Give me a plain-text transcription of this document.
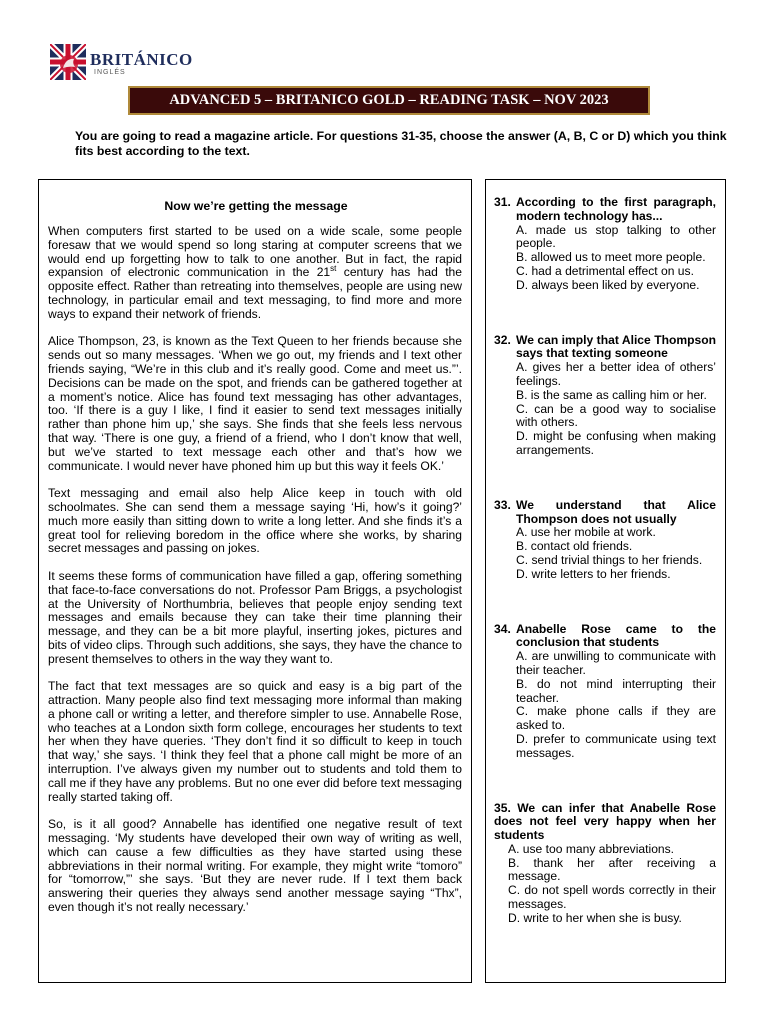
BRITÁNICO
INGLÉS
ADVANCED 5 – BRITANICO GOLD – READING TASK – NOV 2023
You are going to read a magazine article. For questions 31-35, choose the answer (A, B, C or D) which you think fits best according to the text.
Now we’re getting the message

When computers first started to be used on a wide scale, some people foresaw that we would spend so long staring at computer screens that we would end up forgetting how to talk to one another. But in fact, the rapid expansion of electronic communication in the 21st century has had the opposite effect. Rather than retreating into themselves, people are using new technology, in particular email and text messaging, to find more and more ways to expand their network of friends.

Alice Thompson, 23, is known as the Text Queen to her friends because she sends out so many messages. ‘When we go out, my friends and I text other friends saying, “We’re in this club and it’s really good. Come and meet us.”’. Decisions can be made on the spot, and friends can be gathered together at a moment’s notice. Alice has found text messaging has other advantages, too. ‘If there is a guy I like, I find it easier to send text messages initially rather than phone him up,’ she says. She finds that she feels less nervous that way. ‘There is one guy, a friend of a friend, who I don’t know that well, but we’ve started to text message each other and that’s how we communicate. I would never have phoned him up but this way it feels OK.’

Text messaging and email also help Alice keep in touch with old schoolmates. She can send them a message saying ‘Hi, how’s it going?’ much more easily than sitting down to write a long letter. And she finds it’s a great tool for relieving boredom in the office where she works, by sharing secret messages and passing on jokes.

It seems these forms of communication have filled a gap, offering something that face-to-face conversations do not. Professor Pam Briggs, a psychologist at the University of Northumbria, believes that people enjoy sending text messages and emails because they can take their time planning their message, and they can be a bit more playful, inserting jokes, pictures and bits of video clips. Through such additions, she says, they have the chance to present themselves to others in the way they want to.

The fact that text messages are so quick and easy is a big part of the attraction. Many people also find text messaging more informal than making a phone call or writing a letter, and therefore simpler to use. Annabelle Rose, who teaches at a London sixth form college, encourages her students to text her when they have queries. ‘They don’t find it so difficult to keep in touch that way,’ she says. ‘I think they feel that a phone call might be more of an interruption. I’ve always given my number out to students and told them to call me if they have any problems. But no one ever did before text messaging really started taking off.

So, is it all good? Annabelle has identified one negative result of text messaging. ‘My students have developed their own way of writing as well, which can cause a few difficulties as they have started using these abbreviations in their normal writing. For example, they might write “tomoro” for “tomorrow,”’ she says. ‘But they are never rude. If I text them back answering their queries they always send another message saying “Thx”, even though it’s not really necessary.’

31. According to the first paragraph, modern technology has...
A. made us stop talking to other people.
B. allowed us to meet more people.
C. had a detrimental effect on us.
D. always been liked by everyone.
32. We can imply that Alice Thompson says that texting someone
A. gives her a better idea of others’ feelings.
B. is the same as calling him or her.
C. can be a good way to socialise with others.
D. might be confusing when making arrangements.
33. We understand that Alice Thompson does not usually
A. use her mobile at work.
B. contact old friends.
C. send trivial things to her friends.
D. write letters to her friends.
34. Anabelle Rose came to the conclusion that students
A. are unwilling to communicate with their teacher.
B. do not mind interrupting their teacher.
C. make phone calls if they are asked to.
D. prefer to communicate using text messages.
35. We can infer that Anabelle Rose does not feel very happy when her students
A. use too many abbreviations.
B. thank her after receiving a message.
C. do not spell words correctly in their messages.
D. write to her when she is busy.
